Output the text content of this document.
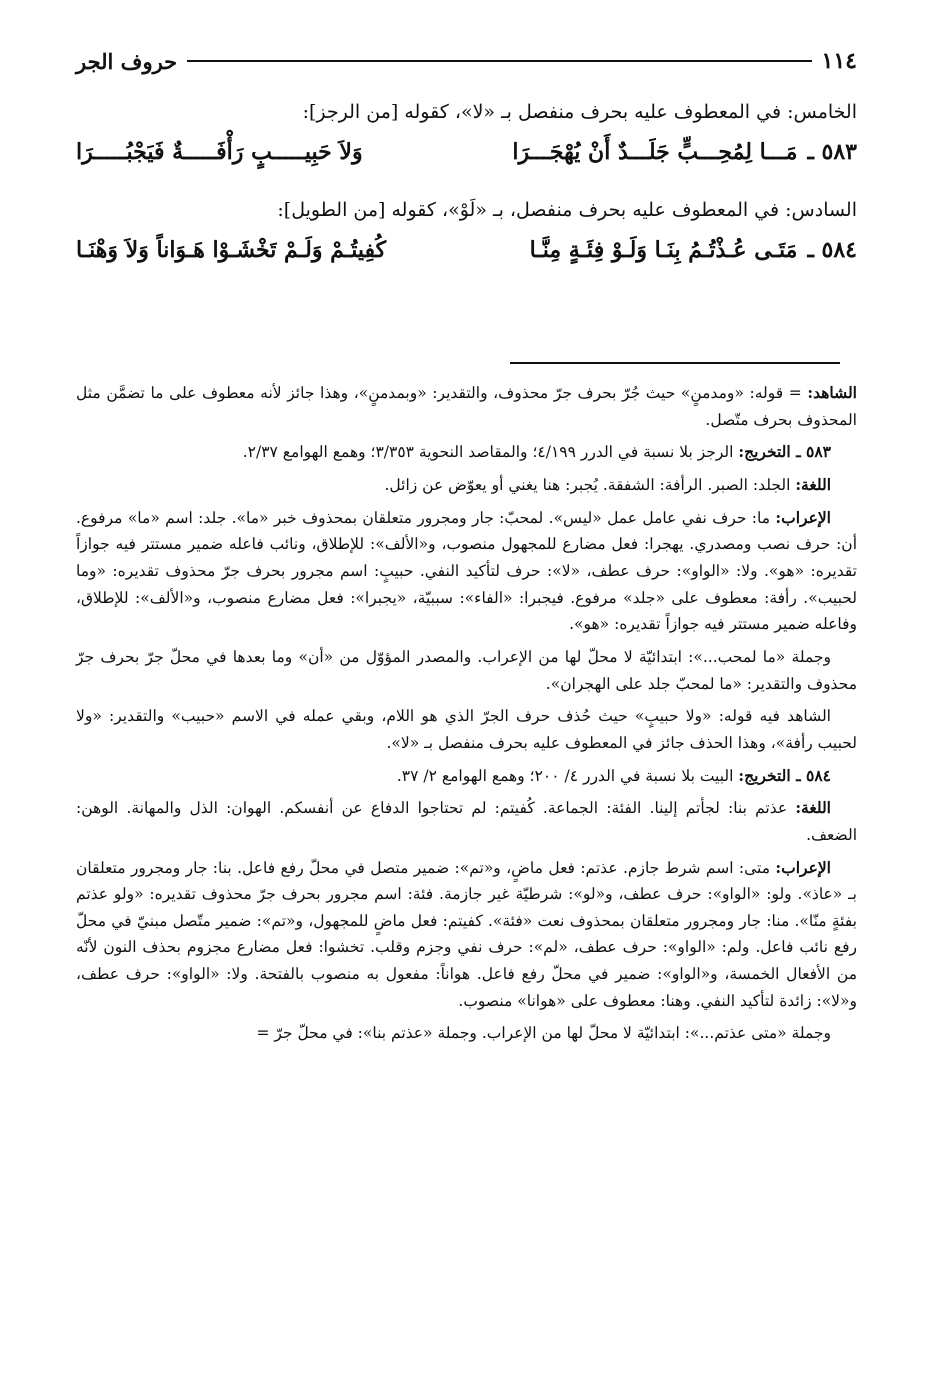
١١٤
حروف الجر

الخامس: في المعطوف عليه بحرف منفصل بـ «لا»، كقوله [من الرجز]:

٥٨٣ ـ
مَـــا لِمُحِـــبٍّ جَلَـــدٌ أَنْ يُهْجَـــرَا
وَلاَ حَبِيـــــبٍ رَأْفَـــــةٌ فَيَجْبُـــــرَا

السادس: في المعطوف عليه بحرف منفصل، بـ «لَوْ»، كقوله [من الطويل]:

٥٨٤ ـ
مَتَـى عُـذْتُـمُ بِنَـا وَلَـوْ فِئَـةٍ مِنَّـا
كُفِيتُـمْ وَلَـمْ تَخْشَـوْا هَـوَاناً وَلاَ وَهْنَـا

الشاهد: = قوله: «ومدمنٍ» حيث جُرّ بحرف جرّ محذوف، والتقدير: «وبمدمنٍ»، وهذا جائز لأنه معطوف على ما تضمَّن مثل المحذوف بحرف متّصل.

٥٨٣ ـ التخريج: الرجز بلا نسبة في الدرر ٤/١٩٩؛ والمقاصد النحوية ٣/٣٥٣؛ وهمع الهوامع ٢/٣٧.

اللغة: الجلد: الصبر. الرأفة: الشفقة. يُجبر: هنا يغني أو يعوّض عن زائل.

الإعراب: ما: حرف نفي عامل عمل «ليس». لمحبّ: جار ومجرور متعلقان بمحذوف خبر «ما». جلد: اسم «ما» مرفوع. أن: حرف نصب ومصدري. يهجرا: فعل مضارع للمجهول منصوب، و«الألف»: للإطلاق، ونائب فاعله ضمير مستتر فيه جوازاً تقديره: «هو». ولا: «الواو»: حرف عطف، «لا»: حرف لتأكيد النفي. حبيبٍ: اسم مجرور بحرف جرّ محذوف تقديره: «وما لحبيب». رأفة: معطوف على «جلد» مرفوع. فيجبرا: «الفاء»: سببيّة، «يجبرا»: فعل مضارع منصوب، و«الألف»: للإطلاق، وفاعله ضمير مستتر فيه جوازاً تقديره: «هو».

وجملة «ما لمحب...»: ابتدائيّة لا محلّ لها من الإعراب. والمصدر المؤوّل من «أن» وما بعدها في محلّ جرّ بحرف جرّ محذوف والتقدير: «ما لمحبّ جلد على الهجران».

الشاهد فيه قوله: «ولا حبيبٍ» حيث حُذف حرف الجرّ الذي هو اللام، وبقي عمله في الاسم «حبيب» والتقدير: «ولا لحبيب رأفة»، وهذا الحذف جائز في المعطوف عليه بحرف منفصل بـ «لا».

٥٨٤ ـ التخريج: البيت بلا نسبة في الدرر ٤/ ٢٠٠؛ وهمع الهوامع ٢/ ٣٧.

اللغة: عذتم بنا: لجأتم إلينا. الفئة: الجماعة. كُفيتم: لم تحتاجوا الدفاع عن أنفسكم. الهوان: الذل والمهانة. الوهن: الضعف.

الإعراب: متى: اسم شرط جازم. عذتم: فعل ماضٍ، و«تم»: ضمير متصل في محلّ رفع فاعل. بنا: جار ومجرور متعلقان بـ «عاذ». ولو: «الواو»: حرف عطف، و«لو»: شرطيّة غير جازمة. فئة: اسم مجرور بحرف جرّ محذوف تقديره: «ولو عذتم بفئةٍ منّا». منا: جار ومجرور متعلقان بمحذوف نعت «فئة». كفيتم: فعل ماضٍ للمجهول، و«تم»: ضمير متّصل مبنيّ في محلّ رفع نائب فاعل. ولم: «الواو»: حرف عطف، «لم»: حرف نفي وجزم وقلب. تخشوا: فعل مضارع مجزوم بحذف النون لأنّه من الأفعال الخمسة، و«الواو»: ضمير في محلّ رفع فاعل. هواناً: مفعول به منصوب بالفتحة. ولا: «الواو»: حرف عطف، و«لا»: زائدة لتأكيد النفي. وهنا: معطوف على «هوانا» منصوب.

وجملة «متى عذتم...»: ابتدائيّة لا محلّ لها من الإعراب. وجملة «عذتم بنا»: في محلّ جرّ =
